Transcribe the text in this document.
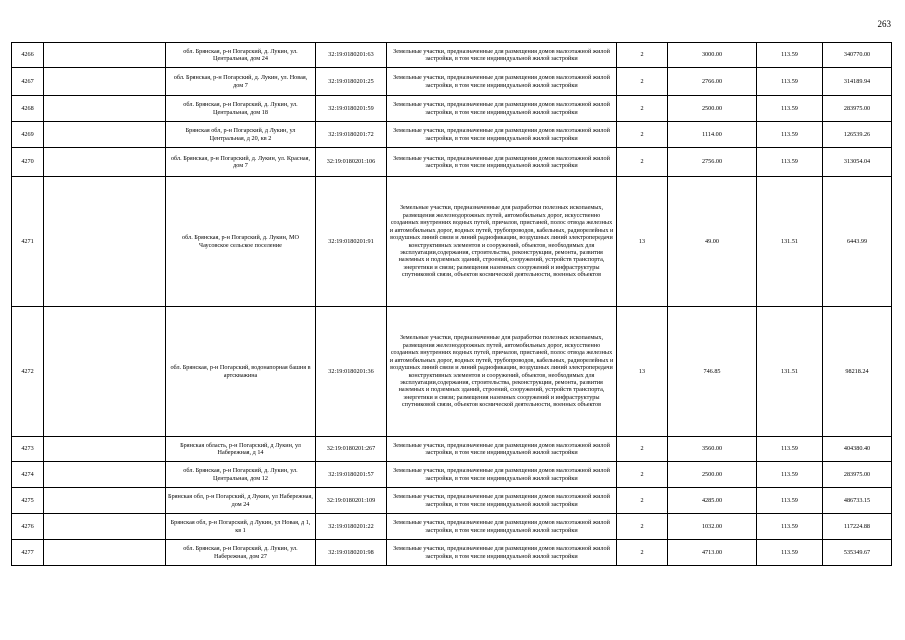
263
4266		обл. Брянская, р-н Погарский, д. Лукин, ул. Центральная, дом 24	32:19:0180201:63	Земельные участки, предназначенные для размещения домов малоэтажной жилой застройки, в том числе индивидуальной жилой застройки	2	3000.00	113.59	340770.00
4267		обл. Брянская, р-н Погарский, д. Лукин, ул. Новая, дом 7	32:19:0180201:25	Земельные участки, предназначенные для размещения домов малоэтажной жилой застройки, в том числе индивидуальной жилой застройки	2	2766.00	113.59	314189.94
4268		обл. Брянская, р-н Погарский, д. Лукин, ул. Центральная, дом 18	32:19:0180201:59	Земельные участки, предназначенные для размещения домов малоэтажной жилой застройки, в том числе индивидуальной жилой застройки	2	2500.00	113.59	283975.00
4269		Брянская обл, р-н Погарский, д Лукин, ул Центральная, д 20, кв 2	32:19:0180201:72	Земельные участки, предназначенные для размещения домов малоэтажной жилой застройки, в том числе индивидуальной жилой застройки	2	1114.00	113.59	126539.26
4270		обл. Брянская, р-н Погарский, д. Лукин, ул. Красная, дом 7	32:19:0180201:106	Земельные участки, предназначенные для размещения домов малоэтажной жилой застройки, в том числе индивидуальной жилой застройки	2	2756.00	113.59	313054.04
4271		обл. Брянская, р-н Погарский, д. Лукин, МО Чаусовское сельское поселение	32:19:0180201:91	Земельные участки, предназначенные для разработки полезных ископаемых, размещения железнодорожных путей, автомобильных дорог, искусственно созданных внутренних водных путей, причалов, пристаней, полос отвода железных и автомобильных дорог, водных путей, трубопроводов, кабельных, радиорелейных и воздушных линий связи и линий радиофикации, воздушных линий электропередачи конструктивных элементов и сооружений, объектов, необходимых для эксплуатации,содержания, строительства, реконструкции, ремонта, развития наземных и подземных зданий, строений, сооружений, устройств транспорта, энергетики и связи; размещения наземных сооружений и инфраструктуры спутниковой связи, объектов космической деятельности, военных объектов	13	49.00	131.51	6443.99
4272		обл. Брянская, р-н Погарский, водонапорная башня в артскважина	32:19:0180201:36	Земельные участки, предназначенные для разработки полезных ископаемых, размещения железнодорожных путей, автомобильных дорог, искусственно созданных внутренних водных путей, причалов, пристаней, полос отвода железных и автомобильных дорог, водных путей, трубопроводов, кабельных, радиорелейных и воздушных линий связи и линий радиофикации, воздушных линий электропередачи конструктивных элементов и сооружений, объектов, необходимых для эксплуатации,содержания, строительства, реконструкции, ремонта, развития наземных и подземных зданий, строений, сооружений, устройств транспорта, энергетики и связи; размещения наземных сооружений и инфраструктуры спутниковой связи, объектов космической деятельности, военных объектов	13	746.85	131.51	98218.24
4273		Брянская область, р-н Погарский, д Лукин, ул Набережная, д 14	32:19:0180201:267	Земельные участки, предназначенные для размещения домов малоэтажной жилой застройки, в том числе индивидуальной жилой застройки	2	3560.00	113.59	404380.40
4274		обл. Брянская, р-н Погарский, д. Лукин, ул. Центральная, дом 12	32:19:0180201:57	Земельные участки, предназначенные для размещения домов малоэтажной жилой застройки, в том числе индивидуальной жилой застройки	2	2500.00	113.59	283975.00
4275		Брянская обл, р-н Погарский, д Лукин, ул Набережная, дом 24	32:19:0180201:109	Земельные участки, предназначенные для размещения домов малоэтажной жилой застройки, в том числе индивидуальной жилой застройки	2	4285.00	113.59	486733.15
4276		Брянская обл, р-н Погарский, д Лукин, ул Новая, д 1, кв 1	32:19:0180201:22	Земельные участки, предназначенные для размещения домов малоэтажной жилой застройки, в том числе индивидуальной жилой застройки	2	1032.00	113.59	117224.88
4277		обл. Брянская, р-н Погарский, д. Лукин, ул. Набережная, дом 27	32:19:0180201:98	Земельные участки, предназначенные для размещения домов малоэтажной жилой застройки, в том числе индивидуальной жилой застройки	2	4713.00	113.59	535349.67
